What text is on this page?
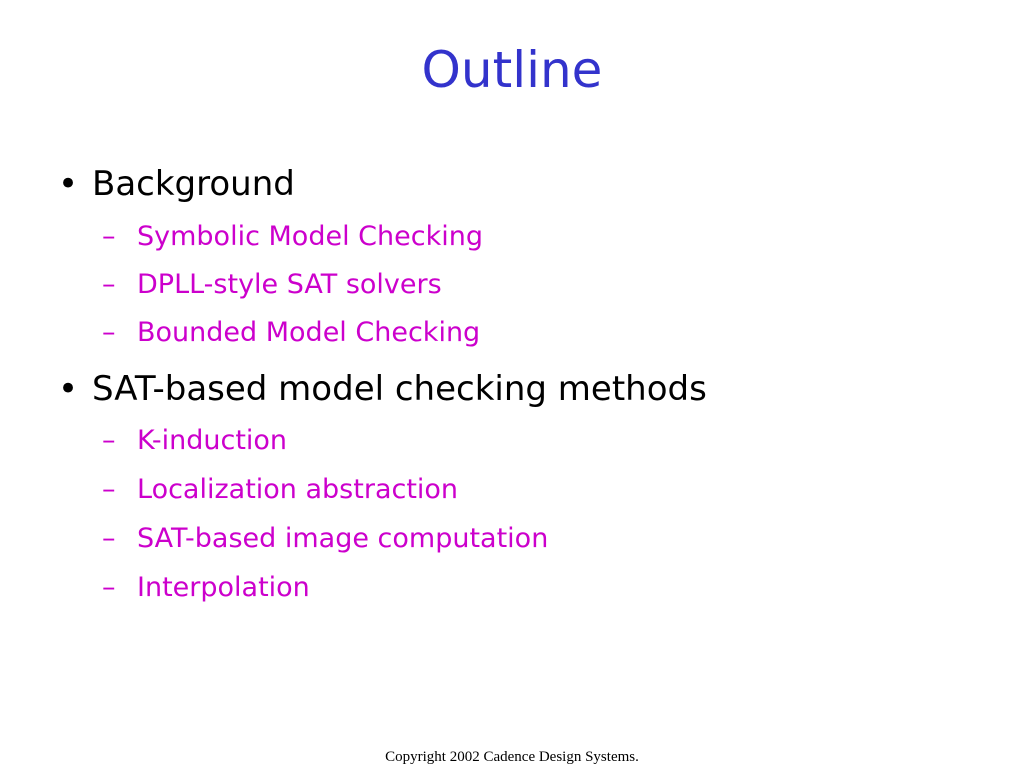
Outline
• Background
– Symbolic Model Checking
– DPLL-style SAT solvers
– Bounded Model Checking
• SAT-based model checking methods
– K-induction
– Localization abstraction
– SAT-based image computation
– Interpolation
Copyright 2002 Cadence Design Systems.
